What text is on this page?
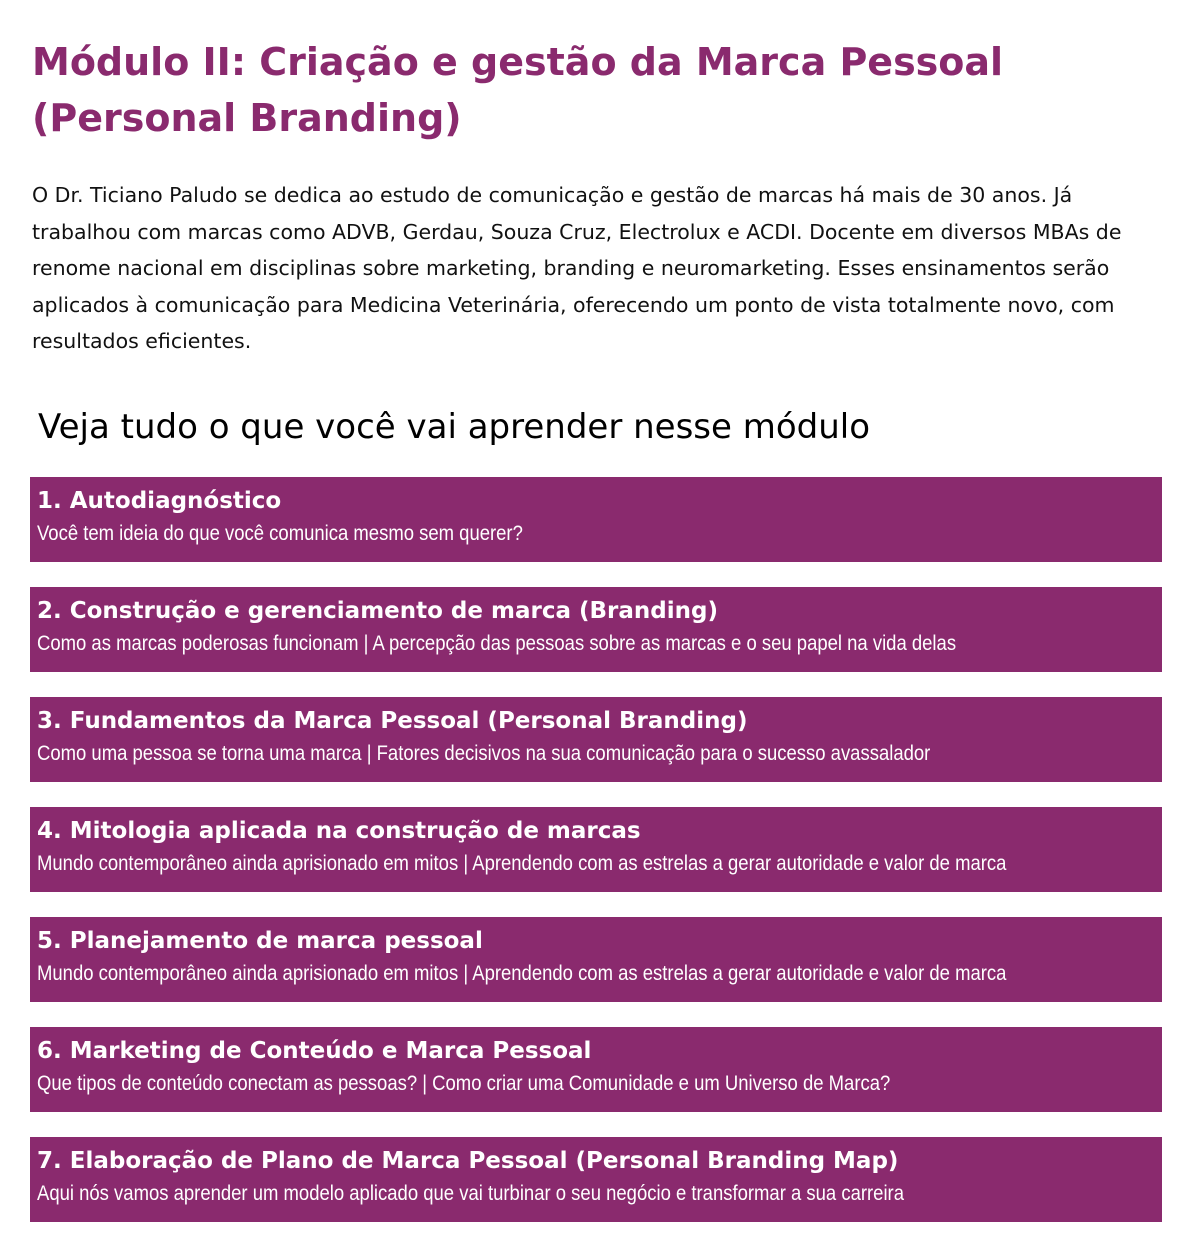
Módulo II: Criação e gestão da Marca Pessoal (Personal Branding)

O Dr. Ticiano Paludo se dedica ao estudo de comunicação e gestão de marcas há mais de 30 anos. Já trabalhou com marcas como ADVB, Gerdau, Souza Cruz, Electrolux e ACDI. Docente em diversos MBAs de renome nacional em disciplinas sobre marketing, branding e neuromarketing. Esses ensinamentos serão aplicados à comunicação para Medicina Veterinária, oferecendo um ponto de vista totalmente novo, com resultados eficientes.

Veja tudo o que você vai aprender nesse módulo
1. Autodiagnóstico
Você tem ideia do que você comunica mesmo sem querer?
2. Construção e gerenciamento de marca (Branding)
Como as marcas poderosas funcionam | A percepção das pessoas sobre as marcas e o seu papel na vida delas
3. Fundamentos da Marca Pessoal (Personal Branding)
Como uma pessoa se torna uma marca | Fatores decisivos na sua comunicação para o sucesso avassalador
4. Mitologia aplicada na construção de marcas
Mundo contemporâneo ainda aprisionado em mitos | Aprendendo com as estrelas a gerar autoridade e valor de marca
5. Planejamento de marca pessoal
Mundo contemporâneo ainda aprisionado em mitos | Aprendendo com as estrelas a gerar autoridade e valor de marca
6. Marketing de Conteúdo e Marca Pessoal
Que tipos de conteúdo conectam as pessoas? | Como criar uma Comunidade e um Universo de Marca?
7. Elaboração de Plano de Marca Pessoal (Personal Branding Map)
Aqui nós vamos aprender um modelo aplicado que vai turbinar o seu negócio e transformar a sua carreira
